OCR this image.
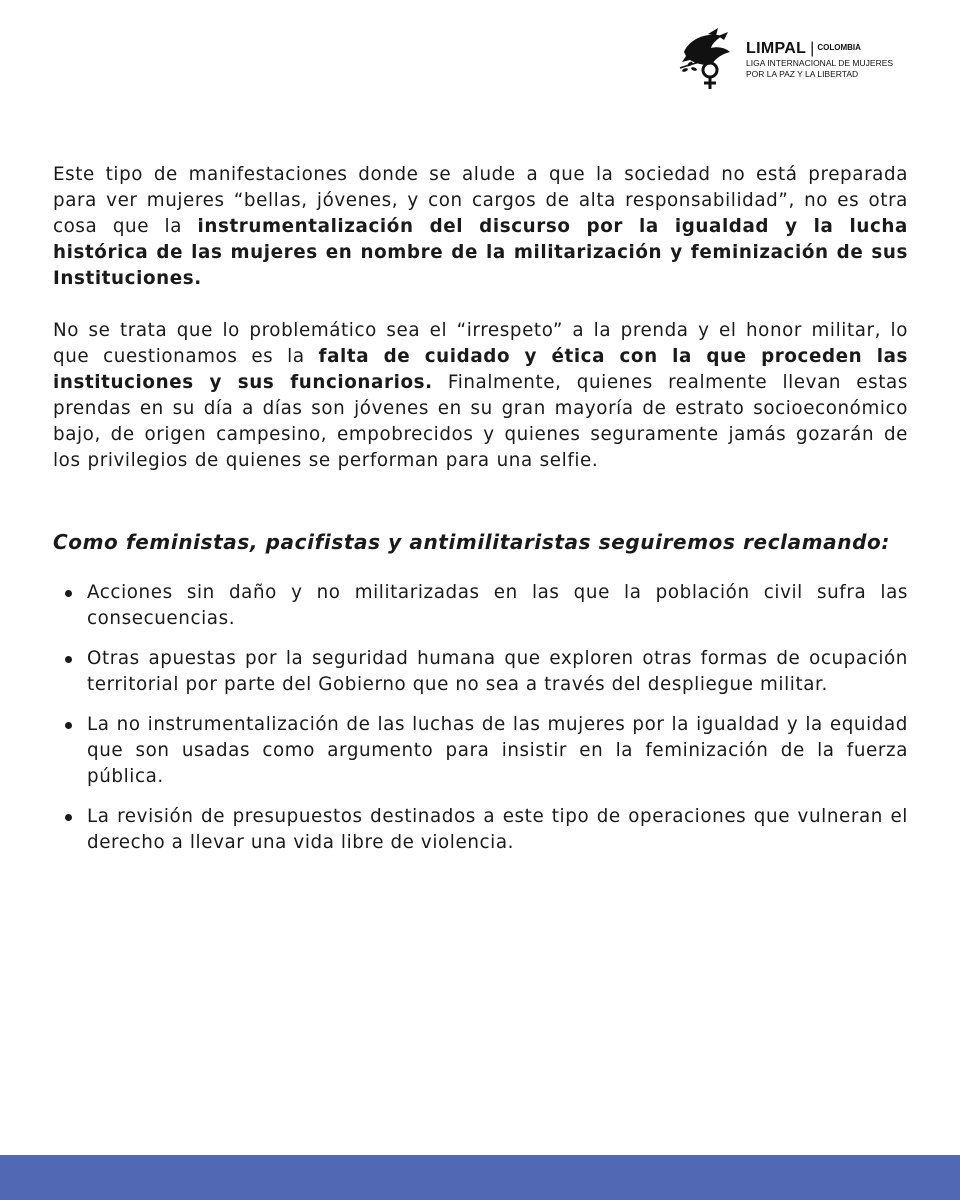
LIMPAL | COLOMBIA
LIGA INTERNACIONAL DE MUJERES
POR LA PAZ Y LA LIBERTAD

Este tipo de manifestaciones donde se alude a que la sociedad no está preparada para ver mujeres “bellas, jóvenes, y con cargos de alta responsabilidad”, no es otra cosa que la instrumentalización del discurso por la igualdad y la lucha histórica de las mujeres en nombre de la militarización y feminización de sus Instituciones.

No se trata que lo problemático sea el “irrespeto” a la prenda y el honor militar, lo que cuestionamos es la falta de cuidado y ética con la que proceden las instituciones y sus funcionarios. Finalmente, quienes realmente llevan estas prendas en su día a días son jóvenes en su gran mayoría de estrato socioeconómico bajo, de origen campesino, empobrecidos y quienes seguramente jamás gozarán de los privilegios de quienes se performan para una selfie.

Como feministas, pacifistas y antimilitaristas seguiremos reclamando:
Acciones sin daño y no militarizadas en las que la población civil sufra las consecuencias.
Otras apuestas por la seguridad humana que exploren otras formas de ocupación territorial por parte del Gobierno que no sea a través del despliegue militar.
La no instrumentalización de las luchas de las mujeres por la igualdad y la equidad que son usadas como argumento para insistir en la feminización de la fuerza pública.
La revisión de presupuestos destinados a este tipo de operaciones que vulneran el derecho a llevar una vida libre de violencia.
